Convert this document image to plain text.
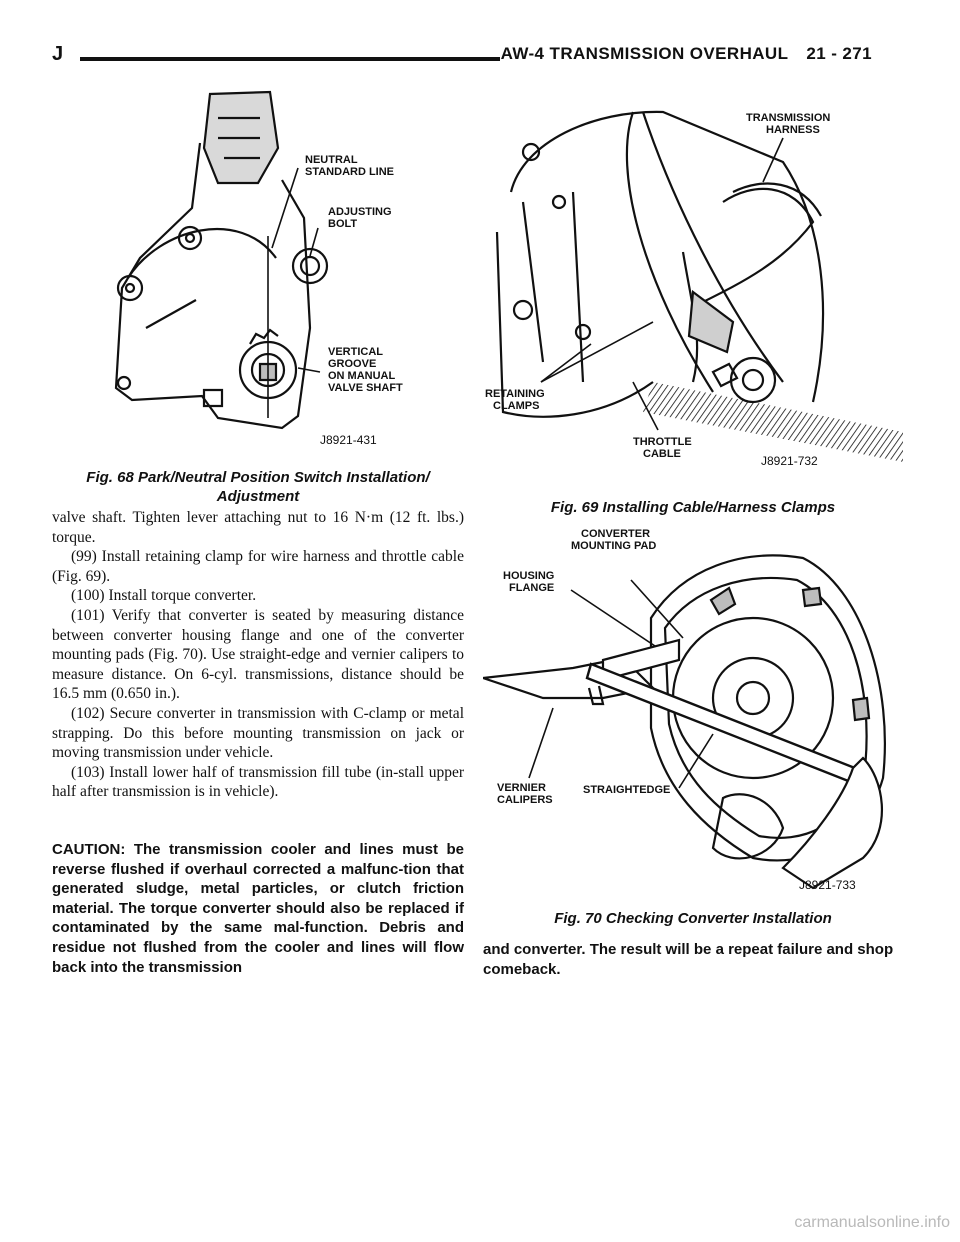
J	AW-4 TRANSMISSION OVERHAUL 21 - 271
NEUTRAL
STANDARD LINE
ADJUSTING
BOLT
VERTICAL
GROOVE
ON MANUAL
VALVE SHAFT
J8921-431
Fig. 68 Park/Neutral Position Switch Installation/
Adjustment
TRANSMISSION
HARNESS
RETAINING
CLAMPS
THROTTLE
CABLE	J8921-732
Fig. 69 Installing Cable/Harness Clamps
CONVERTER
MOUNTING PAD
HOUSING
FLANGE
VERNIER
CALIPERS
STRAIGHTEDGE
J8921-733
Fig. 70 Checking Converter Installation

valve shaft. Tighten lever attaching nut to 16 N·m (12 ft. lbs.) torque.

(99) Install retaining clamp for wire harness and throttle cable (Fig. 69).

(100) Install torque converter.

(101) Verify that converter is seated by measuring distance between converter housing flange and one of the converter mounting pads (Fig. 70). Use straight-edge and vernier calipers to measure distance. On 6-cyl. transmissions, distance should be 16.5 mm (0.650 in.).

(102) Secure converter in transmission with C-clamp or metal strapping. Do this before mounting transmission on jack or moving transmission under vehicle.

(103) Install lower half of transmission fill tube (in-stall upper half after transmission is in vehicle).

CAUTION: The transmission cooler and lines must be reverse flushed if overhaul corrected a malfunc-tion that generated sludge, metal particles, or clutch friction material. The torque converter should also be replaced if contaminated by the same mal-function. Debris and residue not flushed from the cooler and lines will flow back into the transmission
and converter. The result will be a repeat failure and shop comeback.
carmanualsonline.info
